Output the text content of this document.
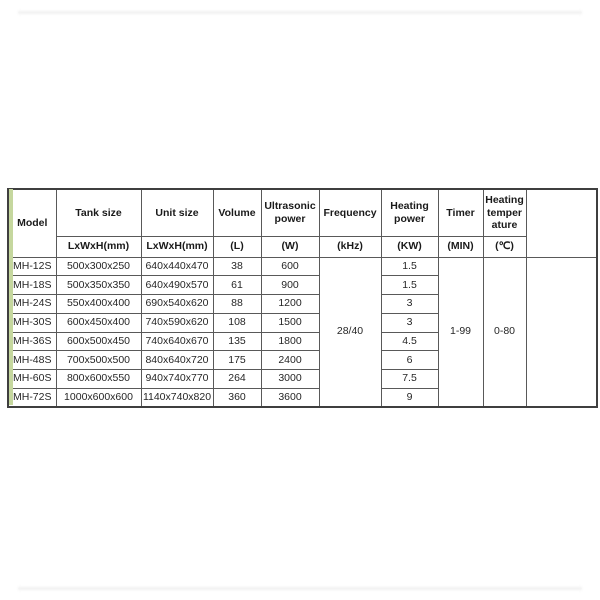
Model	Tank size	Unit size	Volume	Ultrasonic power	Frequency	Heating power	Timer	Heating temper ature	
	LxWxH(mm)	LxWxH(mm)	(L)	(W)	(kHz)	(KW)	(MIN)	(℃)	
MH-12S	500x300x250	640x440x470	38	600	28/40	1.5	1-99	0-80	
MH-18S	500x350x350	640x490x570	61	900		1.5			
MH-24S	550x400x400	690x540x620	88	1200		3			
MH-30S	600x450x400	740x590x620	108	1500		3			
MH-36S	600x500x450	740x640x670	135	1800		4.5			
MH-48S	700x500x500	840x640x720	175	2400		6			
MH-60S	800x600x550	940x740x770	264	3000		7.5			
MH-72S	1000x600x600	1140x740x820	360	3600		9			
